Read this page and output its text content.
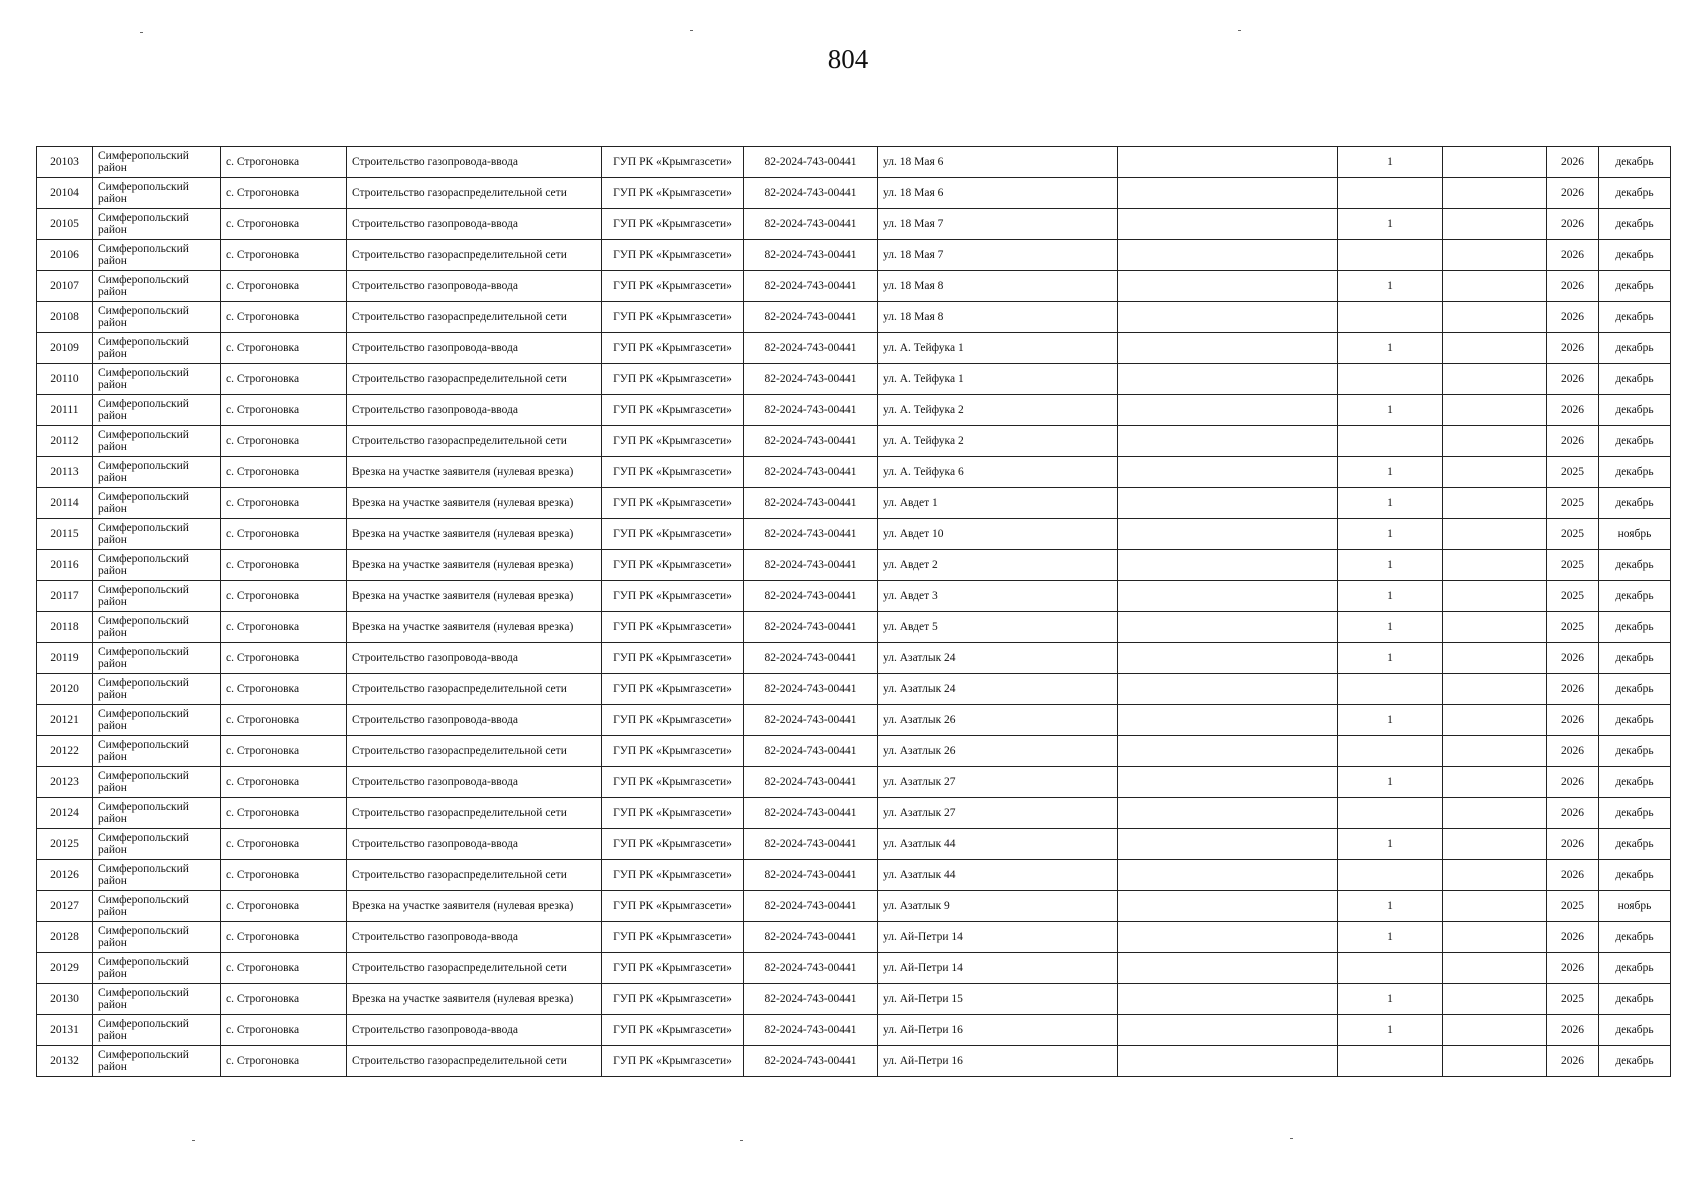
804
20103	Симферопольский район	с. Строгоновка	Строительство газопровода-ввода	ГУП РК «Крымгазсети»	82-2024-743-00441	ул. 18 Мая 6		1		2026	декабрь
20104	Симферопольский район	с. Строгоновка	Строительство газораспределительной сети	ГУП РК «Крымгазсети»	82-2024-743-00441	ул. 18 Мая 6				2026	декабрь
20105	Симферопольский район	с. Строгоновка	Строительство газопровода-ввода	ГУП РК «Крымгазсети»	82-2024-743-00441	ул. 18 Мая 7		1		2026	декабрь
20106	Симферопольский район	с. Строгоновка	Строительство газораспределительной сети	ГУП РК «Крымгазсети»	82-2024-743-00441	ул. 18 Мая 7				2026	декабрь
20107	Симферопольский район	с. Строгоновка	Строительство газопровода-ввода	ГУП РК «Крымгазсети»	82-2024-743-00441	ул. 18 Мая 8		1		2026	декабрь
20108	Симферопольский район	с. Строгоновка	Строительство газораспределительной сети	ГУП РК «Крымгазсети»	82-2024-743-00441	ул. 18 Мая 8				2026	декабрь
20109	Симферопольский район	с. Строгоновка	Строительство газопровода-ввода	ГУП РК «Крымгазсети»	82-2024-743-00441	ул. А. Тейфука 1		1		2026	декабрь
20110	Симферопольский район	с. Строгоновка	Строительство газораспределительной сети	ГУП РК «Крымгазсети»	82-2024-743-00441	ул. А. Тейфука 1				2026	декабрь
20111	Симферопольский район	с. Строгоновка	Строительство газопровода-ввода	ГУП РК «Крымгазсети»	82-2024-743-00441	ул. А. Тейфука 2		1		2026	декабрь
20112	Симферопольский район	с. Строгоновка	Строительство газораспределительной сети	ГУП РК «Крымгазсети»	82-2024-743-00441	ул. А. Тейфука 2				2026	декабрь
20113	Симферопольский район	с. Строгоновка	Врезка на участке заявителя (нулевая врезка)	ГУП РК «Крымгазсети»	82-2024-743-00441	ул. А. Тейфука 6		1		2025	декабрь
20114	Симферопольский район	с. Строгоновка	Врезка на участке заявителя (нулевая врезка)	ГУП РК «Крымгазсети»	82-2024-743-00441	ул. Авдет 1		1		2025	декабрь
20115	Симферопольский район	с. Строгоновка	Врезка на участке заявителя (нулевая врезка)	ГУП РК «Крымгазсети»	82-2024-743-00441	ул. Авдет 10		1		2025	ноябрь
20116	Симферопольский район	с. Строгоновка	Врезка на участке заявителя (нулевая врезка)	ГУП РК «Крымгазсети»	82-2024-743-00441	ул. Авдет 2		1		2025	декабрь
20117	Симферопольский район	с. Строгоновка	Врезка на участке заявителя (нулевая врезка)	ГУП РК «Крымгазсети»	82-2024-743-00441	ул. Авдет 3		1		2025	декабрь
20118	Симферопольский район	с. Строгоновка	Врезка на участке заявителя (нулевая врезка)	ГУП РК «Крымгазсети»	82-2024-743-00441	ул. Авдет 5		1		2025	декабрь
20119	Симферопольский район	с. Строгоновка	Строительство газопровода-ввода	ГУП РК «Крымгазсети»	82-2024-743-00441	ул. Азатлык 24		1		2026	декабрь
20120	Симферопольский район	с. Строгоновка	Строительство газораспределительной сети	ГУП РК «Крымгазсети»	82-2024-743-00441	ул. Азатлык 24				2026	декабрь
20121	Симферопольский район	с. Строгоновка	Строительство газопровода-ввода	ГУП РК «Крымгазсети»	82-2024-743-00441	ул. Азатлык 26		1		2026	декабрь
20122	Симферопольский район	с. Строгоновка	Строительство газораспределительной сети	ГУП РК «Крымгазсети»	82-2024-743-00441	ул. Азатлык 26				2026	декабрь
20123	Симферопольский район	с. Строгоновка	Строительство газопровода-ввода	ГУП РК «Крымгазсети»	82-2024-743-00441	ул. Азатлык 27		1		2026	декабрь
20124	Симферопольский район	с. Строгоновка	Строительство газораспределительной сети	ГУП РК «Крымгазсети»	82-2024-743-00441	ул. Азатлык 27				2026	декабрь
20125	Симферопольский район	с. Строгоновка	Строительство газопровода-ввода	ГУП РК «Крымгазсети»	82-2024-743-00441	ул. Азатлык 44		1		2026	декабрь
20126	Симферопольский район	с. Строгоновка	Строительство газораспределительной сети	ГУП РК «Крымгазсети»	82-2024-743-00441	ул. Азатлык 44				2026	декабрь
20127	Симферопольский район	с. Строгоновка	Врезка на участке заявителя (нулевая врезка)	ГУП РК «Крымгазсети»	82-2024-743-00441	ул. Азатлык 9		1		2025	ноябрь
20128	Симферопольский район	с. Строгоновка	Строительство газопровода-ввода	ГУП РК «Крымгазсети»	82-2024-743-00441	ул. Ай-Петри 14		1		2026	декабрь
20129	Симферопольский район	с. Строгоновка	Строительство газораспределительной сети	ГУП РК «Крымгазсети»	82-2024-743-00441	ул. Ай-Петри 14				2026	декабрь
20130	Симферопольский район	с. Строгоновка	Врезка на участке заявителя (нулевая врезка)	ГУП РК «Крымгазсети»	82-2024-743-00441	ул. Ай-Петри 15		1		2025	декабрь
20131	Симферопольский район	с. Строгоновка	Строительство газопровода-ввода	ГУП РК «Крымгазсети»	82-2024-743-00441	ул. Ай-Петри 16		1		2026	декабрь
20132	Симферопольский район	с. Строгоновка	Строительство газораспределительной сети	ГУП РК «Крымгазсети»	82-2024-743-00441	ул. Ай-Петри 16				2026	декабрь
